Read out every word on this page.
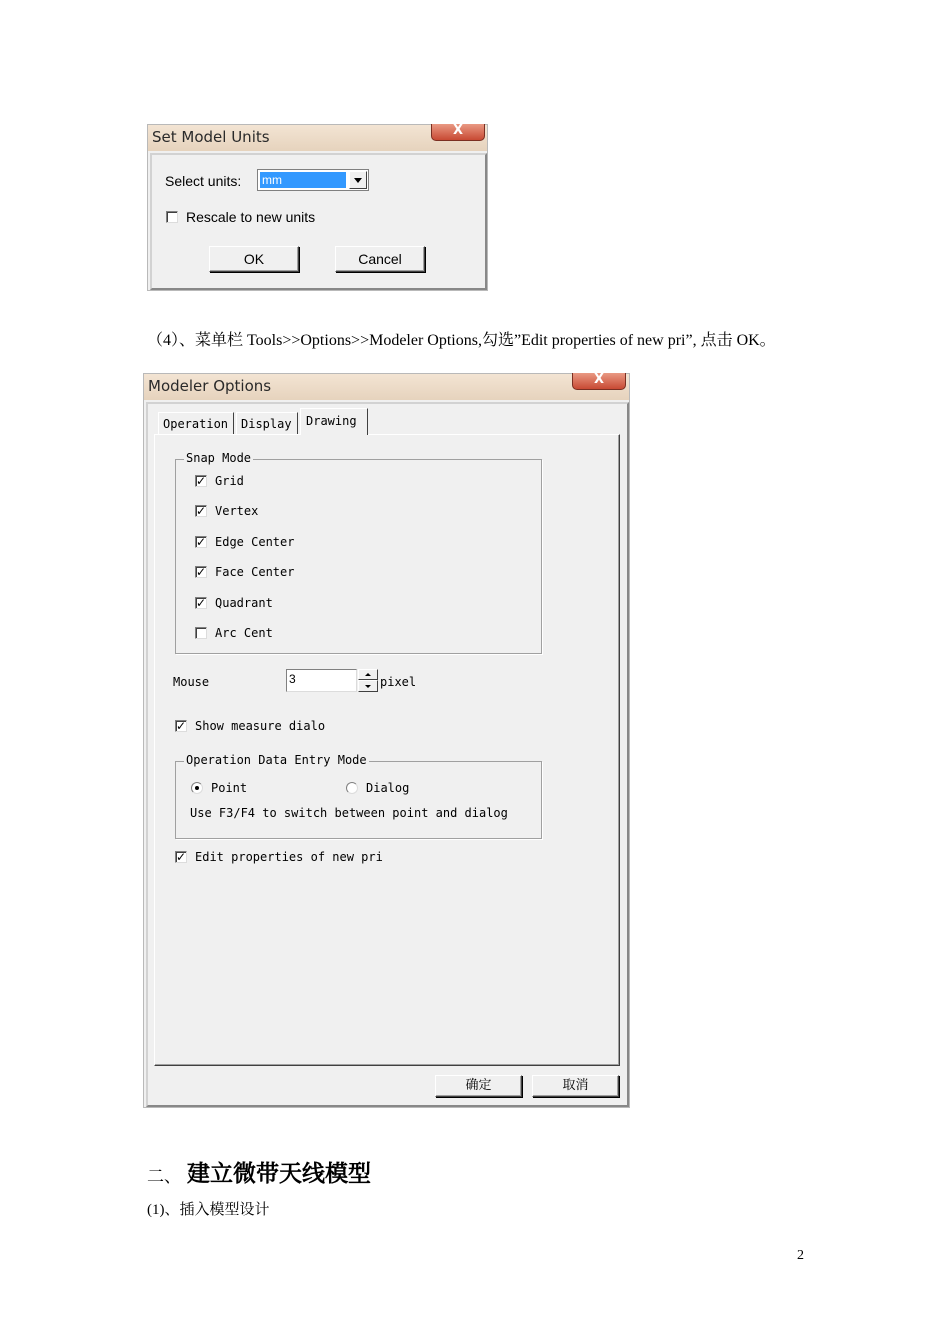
Set Model Units	X
Select units: mm
Rescale to new units
OK	Cancel
（4）、菜单栏 Tools>>Options>>Modeler Options,勾选”Edit properties of new pri”, 点击 OK。
Modeler Options	X
Operation Display Drawing
Snap Mode
✓ Grid
✓ Vertex
✓ Edge Center
✓ Face Center
✓ Quadrant
Arc Cent
Mouse	3	pixel
✓ Show measure dialo
Operation Data Entry Mode
Point	Dialog
Use F3/F4 to switch between point and dialog
✓ Edit properties of new pri
确定	取消
二、 建立微带天线模型
(1)、插入模型设计
2
